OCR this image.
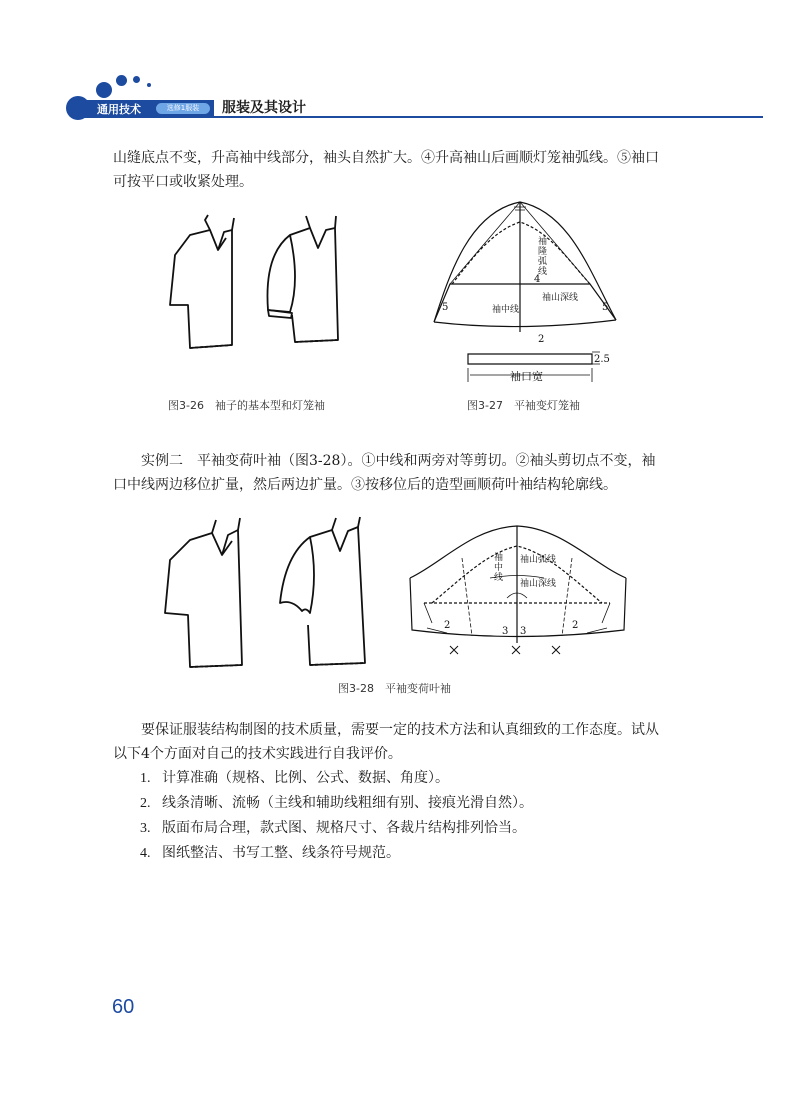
通用技术	选修1服装	服装及其设计

山缝底点不变，升高袖中线部分，袖头自然扩大。④升高袖山后画顺灯笼袖弧线。⑤袖口

可按平口或收紧处理。

袖
隆
弧
线
4
袖山深线
5	5
袖中线
2
2.5
袖口宽
图3-26　袖子的基本型和灯笼袖	图3-27　平袖变灯笼袖

实例二　平袖变荷叶袖（图3-28）。①中线和两旁对等剪切。②袖头剪切点不变，袖

口中线两边移位扩量，然后两边扩量。③按移位后的造型画顺荷叶袖结构轮廓线。

袖
中
线
袖山弧线
袖山深线
2
3 3
2
图3-28　平袖变荷叶袖

要保证服装结构制图的技术质量，需要一定的技术方法和认真细致的工作态度。试从

以下4个方面对自己的技术实践进行自我评价。

1. 计算准确（规格、比例、公式、数据、角度）。
2. 线条清晰、流畅（主线和辅助线粗细有别、接痕光滑自然）。
3. 版面布局合理，款式图、规格尺寸、各裁片结构排列恰当。
4. 图纸整洁、书写工整、线条符号规范。
60
